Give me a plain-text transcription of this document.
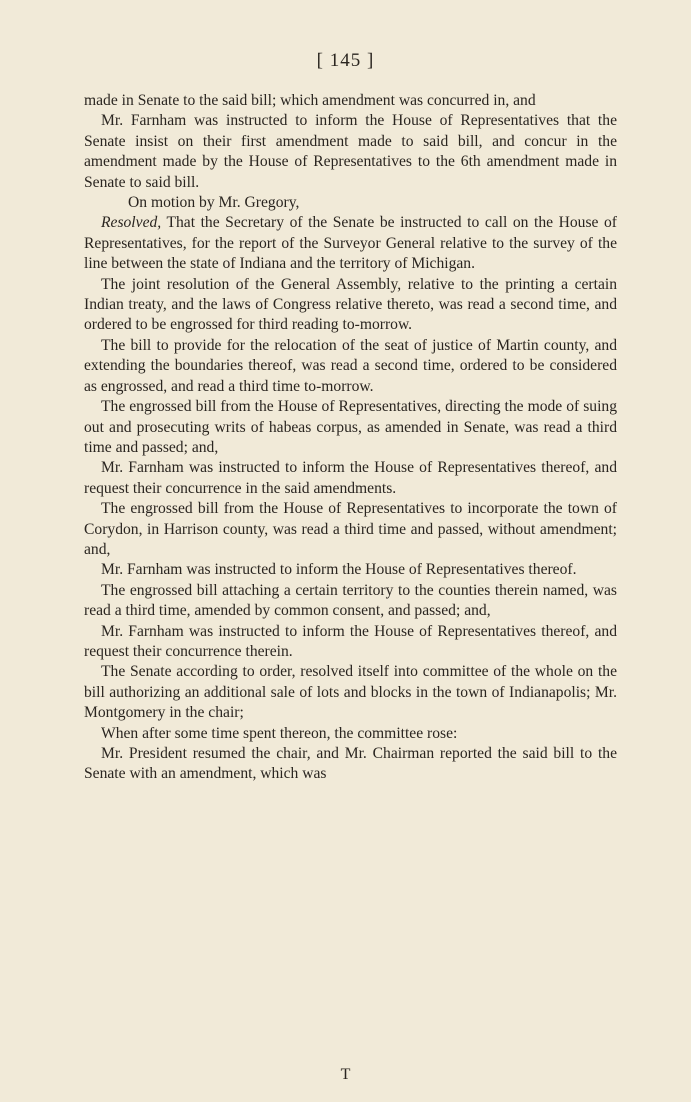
[ 145 ]

made in Senate to the said bill; which amendment was concurred in, and

Mr. Farnham was instructed to inform the House of Representatives that the Senate insist on their first amendment made to said bill, and concur in the amendment made by the House of Representatives to the 6th amendment made in Senate to said bill.

On motion by Mr. Gregory,

Resolved, That the Secretary of the Senate be instructed to call on the House of Representatives, for the report of the Surveyor General relative to the survey of the line between the state of Indiana and the territory of Michigan.

The joint resolution of the General Assembly, relative to the printing a certain Indian treaty, and the laws of Congress relative thereto, was read a second time, and ordered to be engrossed for third reading to-morrow.

The bill to provide for the relocation of the seat of justice of Martin county, and extending the boundaries thereof, was read a second time, ordered to be considered as engrossed, and read a third time to-morrow.

The engrossed bill from the House of Representatives, directing the mode of suing out and prosecuting writs of habeas corpus, as amended in Senate, was read a third time and passed; and,

Mr. Farnham was instructed to inform the House of Representatives thereof, and request their concurrence in the said amendments.

The engrossed bill from the House of Representatives to incorporate the town of Corydon, in Harrison county, was read a third time and passed, without amendment; and,

Mr. Farnham was instructed to inform the House of Representatives thereof.

The engrossed bill attaching a certain territory to the counties therein named, was read a third time, amended by common consent, and passed; and,

Mr. Farnham was instructed to inform the House of Representatives thereof, and request their concurrence therein.

The Senate according to order, resolved itself into committee of the whole on the bill authorizing an additional sale of lots and blocks in the town of Indianapolis; Mr. Montgomery in the chair;

When after some time spent thereon, the committee rose:

Mr. President resumed the chair, and Mr. Chairman reported the said bill to the Senate with an amendment, which was

T
